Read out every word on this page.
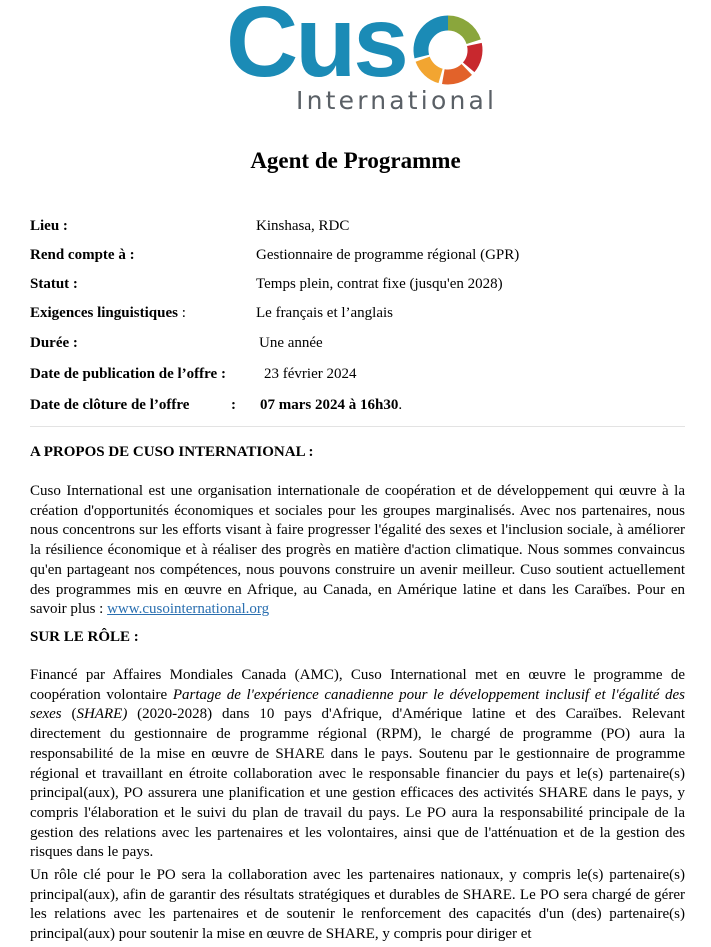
Cus
International
Agent de Programme
Lieu :	Kinshasa, RDC
Rend compte à :	Gestionnaire de programme régional (GPR)
Statut :	Temps plein, contrat fixe (jusqu'en 2028)
Exigences linguistiques :	Le français et l’anglais
Durée :	Une année
Date de publication de l’offre :	23 février 2024
Date de clôture de l’offre	: 07 mars 2024 à 16h30.
A PROPOS DE CUSO INTERNATIONAL :

Cuso International est une organisation internationale de coopération et de développement qui œuvre à la création d'opportunités économiques et sociales pour les groupes marginalisés. Avec nos partenaires, nous nous concentrons sur les efforts visant à faire progresser l'égalité des sexes et l'inclusion sociale, à améliorer la résilience économique et à réaliser des progrès en matière d'action climatique. Nous sommes convaincus qu'en partageant nos compétences, nous pouvons construire un avenir meilleur. Cuso soutient actuellement des programmes mis en œuvre en Afrique, au Canada, en Amérique latine et dans les Caraïbes. Pour en savoir plus : www.cusointernational.org

SUR LE RÔLE :

Financé par Affaires Mondiales Canada (AMC), Cuso International met en œuvre le programme de coopération volontaire Partage de l'expérience canadienne pour le développement inclusif et l'égalité des sexes (SHARE) (2020-2028) dans 10 pays d'Afrique, d'Amérique latine et des Caraïbes. Relevant directement du gestionnaire de programme régional (RPM), le chargé de programme (PO) aura la responsabilité de la mise en œuvre de SHARE dans le pays. Soutenu par le gestionnaire de programme régional et travaillant en étroite collaboration avec le responsable financier du pays et le(s) partenaire(s) principal(aux), PO assurera une planification et une gestion efficaces des activités SHARE dans le pays, y compris l'élaboration et le suivi du plan de travail du pays. Le PO aura la responsabilité principale de la gestion des relations avec les partenaires et les volontaires, ainsi que de l'atténuation et de la gestion des risques dans le pays.

Un rôle clé pour le PO sera la collaboration avec les partenaires nationaux, y compris le(s) partenaire(s) principal(aux), afin de garantir des résultats stratégiques et durables de SHARE. Le PO sera chargé de gérer les relations avec les partenaires et de soutenir le renforcement des capacités d'un (des) partenaire(s) principal(aux) pour soutenir la mise en œuvre de SHARE, y compris pour diriger et
